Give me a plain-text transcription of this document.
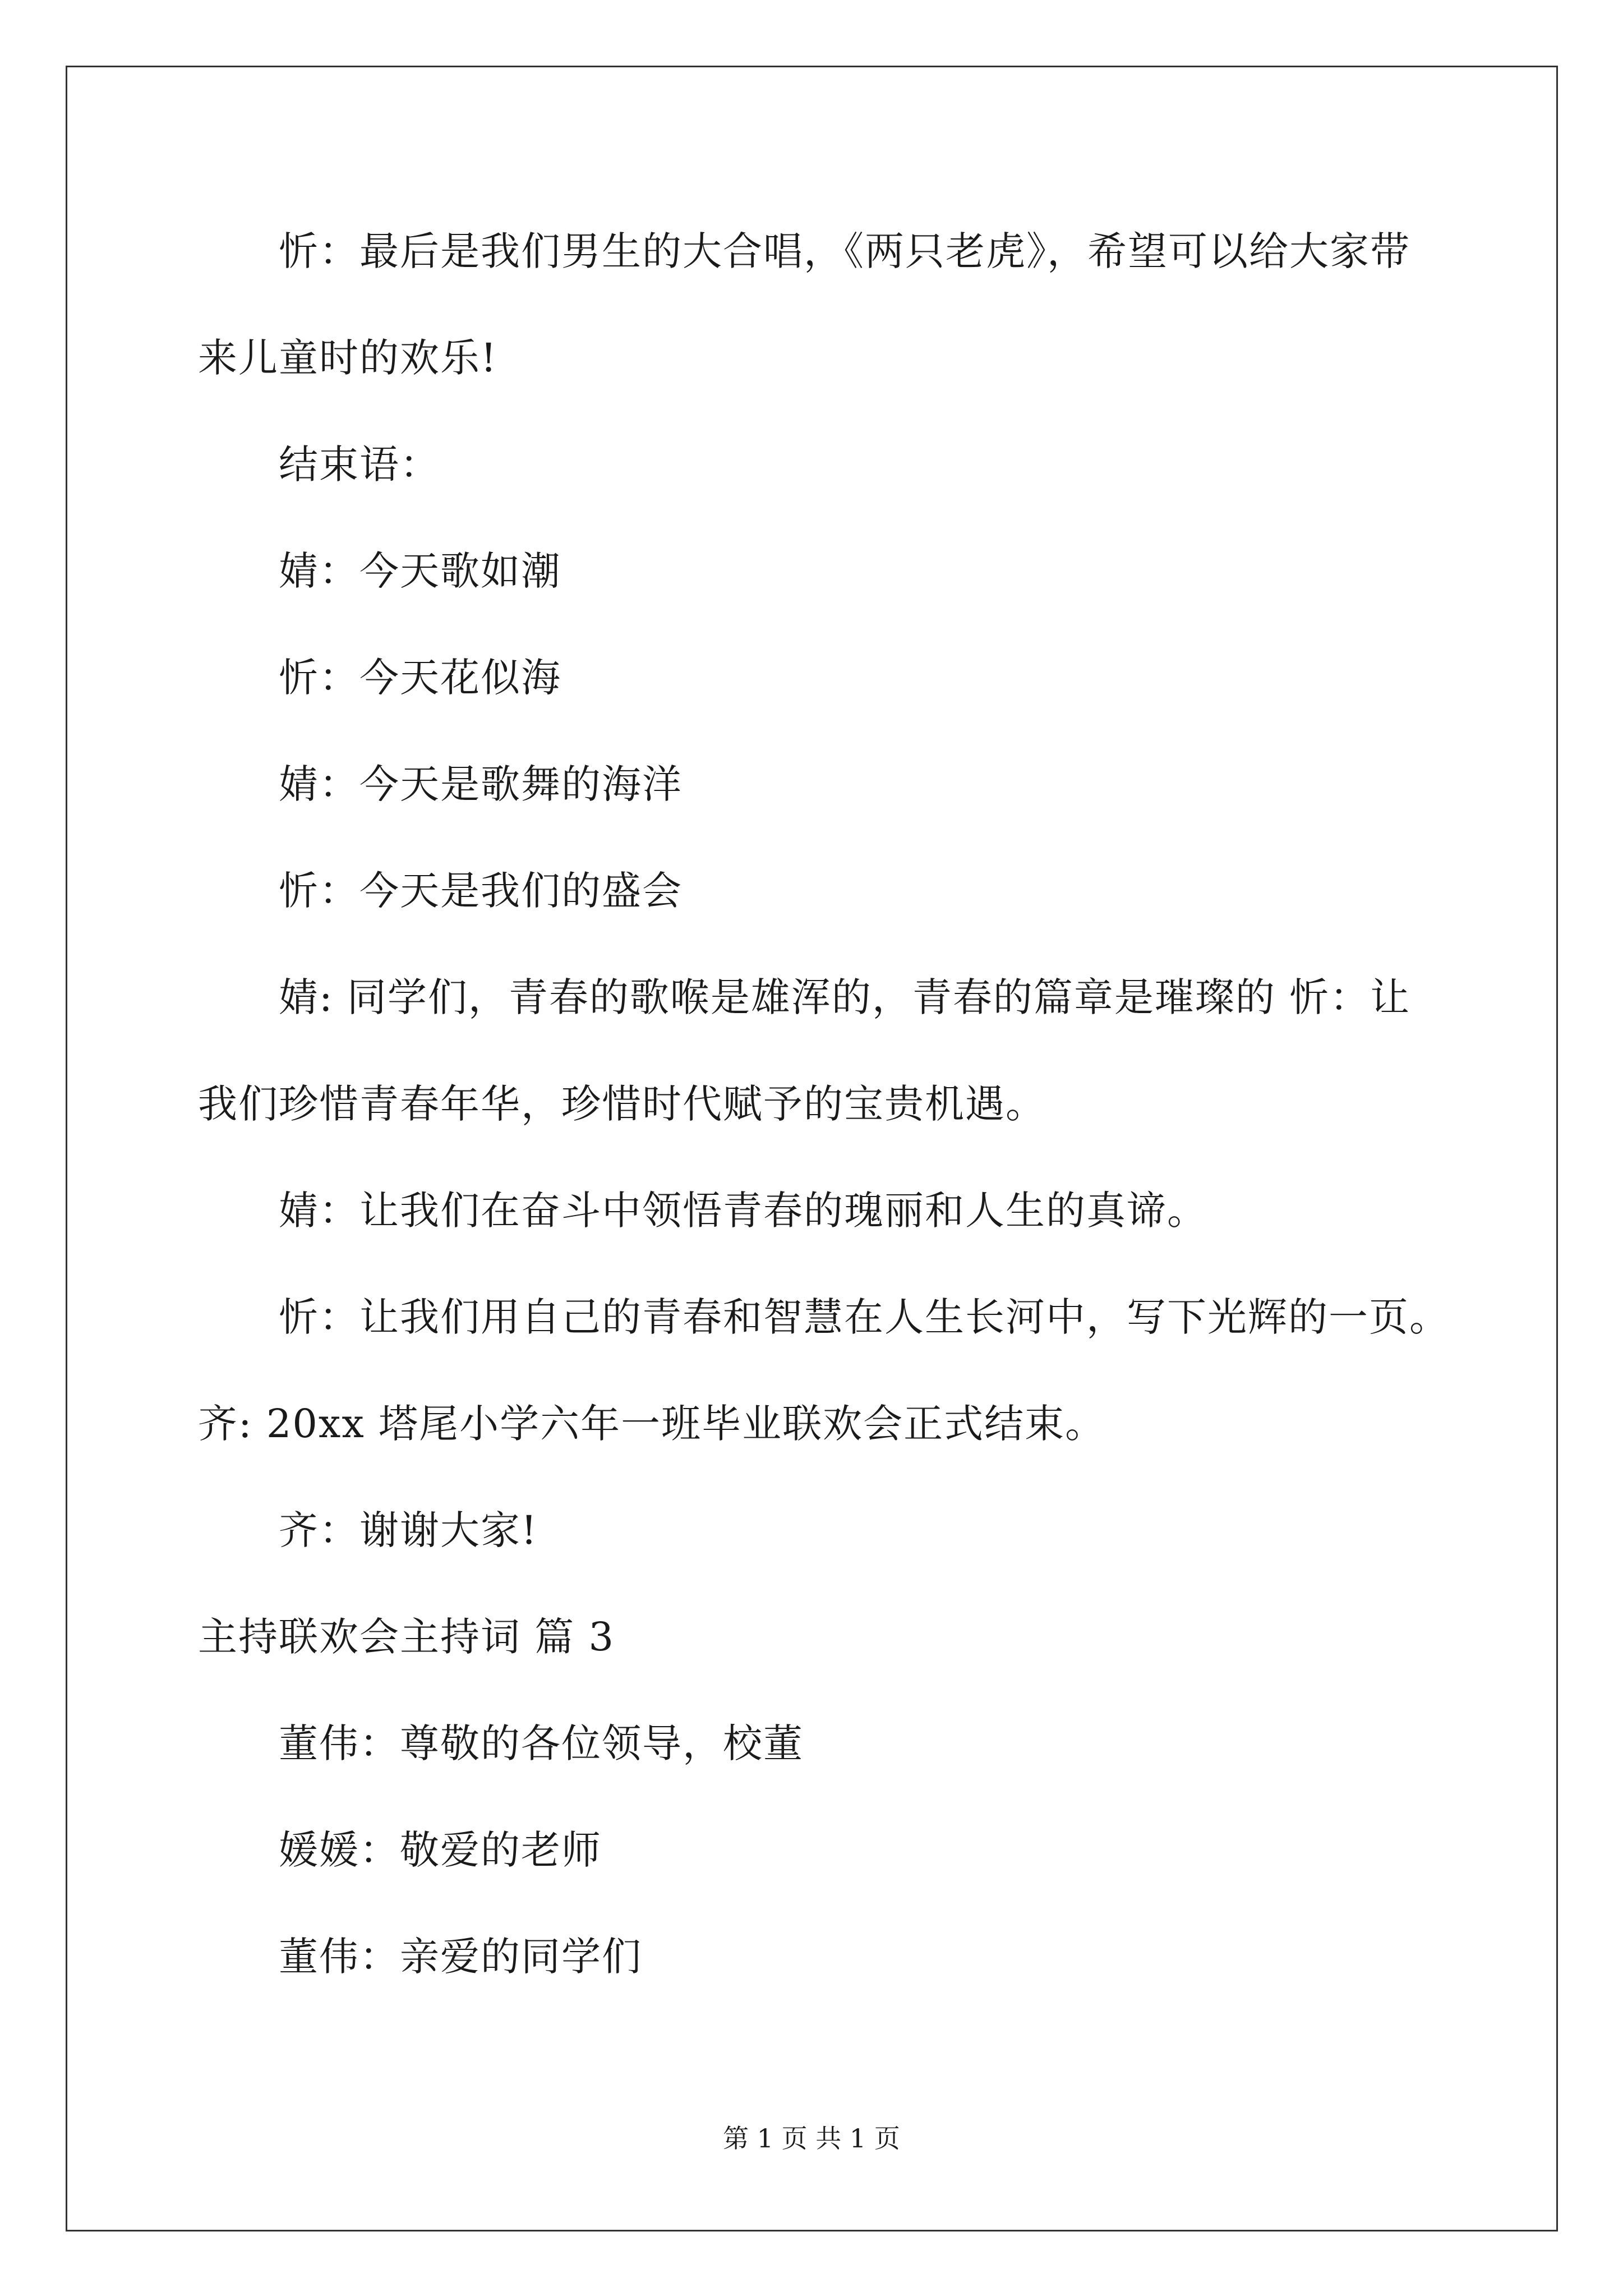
忻：最后是我们男生的大合唱，《两只老虎》，希望可以给大家带
来儿童时的欢乐!
结束语：
婧：今天歌如潮
忻：今天花似海
婧：今天是歌舞的海洋
忻：今天是我们的盛会
婧: 同学们，青春的歌喉是雄浑的，青春的篇章是璀璨的 忻：让
我们珍惜青春年华，珍惜时代赋予的宝贵机遇。
婧：让我们在奋斗中领悟青春的瑰丽和人生的真谛。
忻：让我们用自己的青春和智慧在人生长河中，写下光辉的一页。
齐: 20xx 塔尾小学六年一班毕业联欢会正式结束。
齐：谢谢大家!
主持联欢会主持词 篇 3
董伟：尊敬的各位领导，校董
媛媛：敬爱的老师
董伟：亲爱的同学们
第 1 页 共 1 页
